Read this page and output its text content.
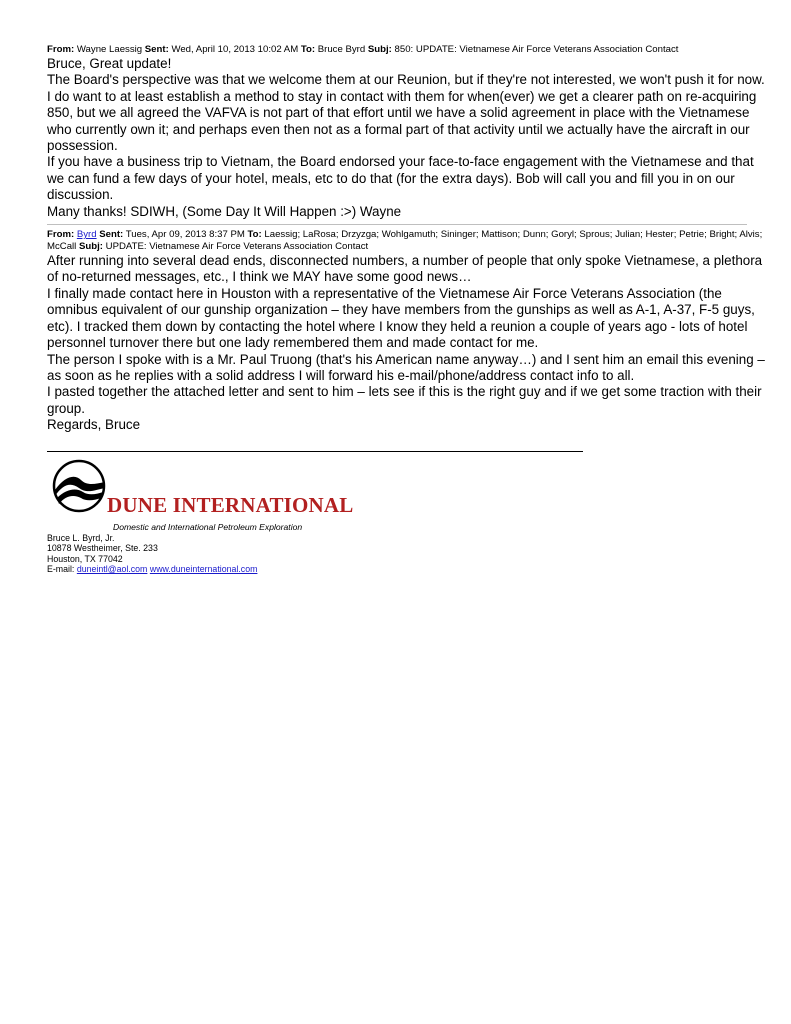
From: Wayne Laessig Sent: Wed, April 10, 2013 10:02 AM To: Bruce Byrd Subj: 850: UPDATE: Vietnamese Air Force Veterans Association Contact

Bruce, Great update!

The Board's perspective was that we welcome them at our Reunion, but if they're not interested, we won't push it for now. I do want to at least establish a method to stay in contact with them for when(ever) we get a clearer path on re-acquiring 850, but we all agreed the VAFVA is not part of that effort until we have a solid agreement in place with the Vietnamese who currently own it; and perhaps even then not as a formal part of that activity until we actually have the aircraft in our possession.

If you have a business trip to Vietnam, the Board endorsed your face-to-face engagement with the Vietnamese and that we can fund a few days of your hotel, meals, etc to do that (for the extra days). Bob will call you and fill you in on our discussion.

Many thanks! SDIWH, (Some Day It Will Happen :>) Wayne

From: Byrd Sent: Tues, Apr 09, 2013 8:37 PM To: Laessig; LaRosa; Drzyzga; Wohlgamuth; Sininger; Mattison; Dunn; Goryl; Sprous; Julian; Hester; Petrie; Bright; Alvis; McCall Subj: UPDATE: Vietnamese Air Force Veterans Association Contact

After running into several dead ends, disconnected numbers, a number of people that only spoke Vietnamese, a plethora of no-returned messages, etc., I think we MAY have some good news…

I finally made contact here in Houston with a representative of the Vietnamese Air Force Veterans Association (the omnibus equivalent of our gunship organization – they have members from the gunships as well as A-1, A-37, F-5 guys, etc). I tracked them down by contacting the hotel where I know they held a reunion a couple of years ago - lots of hotel personnel turnover there but one lady remembered them and made contact for me.

The person I spoke with is a Mr. Paul Truong (that's his American name anyway…) and I sent him an email this evening – as soon as he replies with a solid address I will forward his e-mail/phone/address contact info to all.

I pasted together the attached letter and sent to him – lets see if this is the right guy and if we get some traction with their group.

Regards, Bruce

DUNE INTERNATIONAL
Domestic and International Petroleum Exploration
Bruce L. Byrd, Jr.
10878 Westheimer, Ste. 233
Houston, TX 77042
E-mail: duneintl@aol.com www.duneinternational.com
